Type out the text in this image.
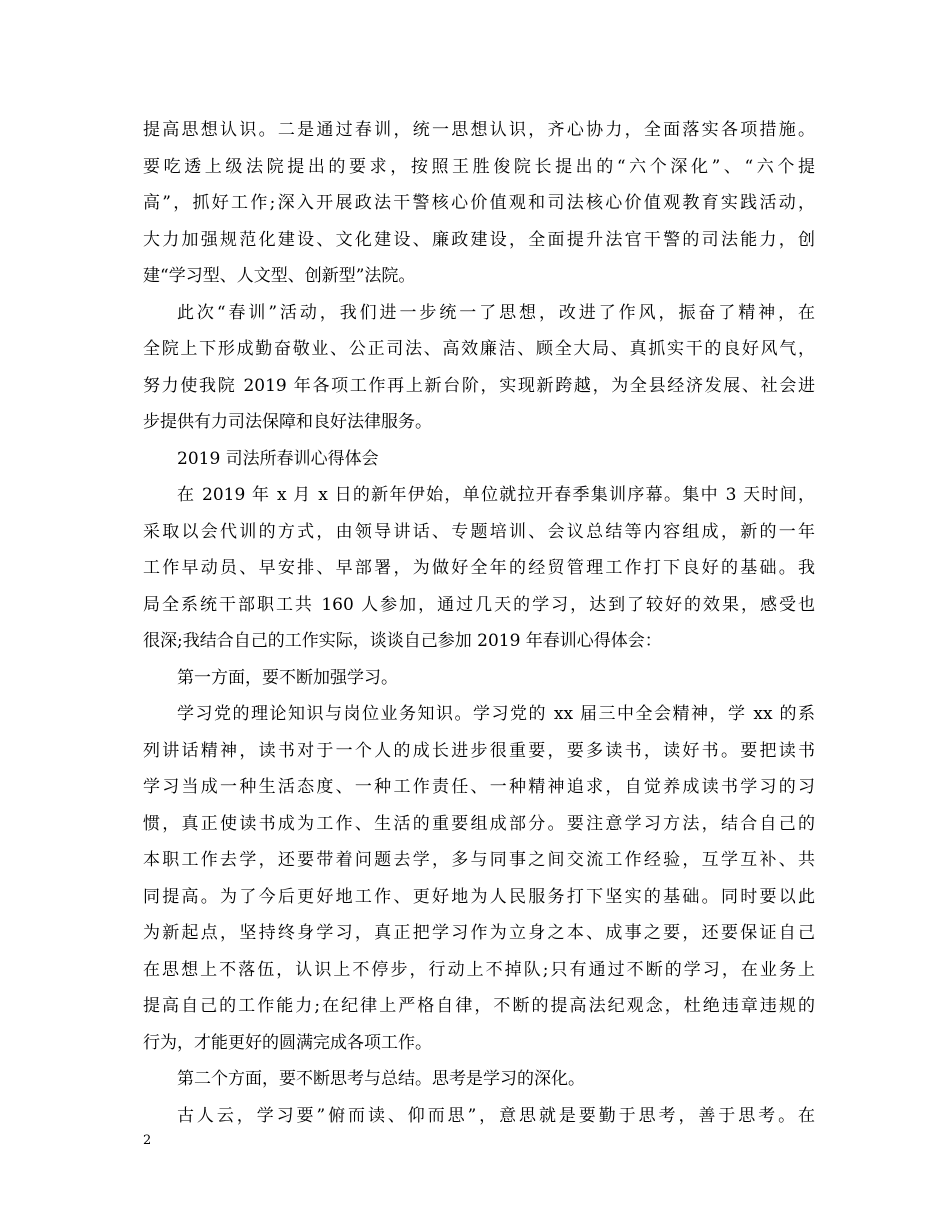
提高思想认识。二是通过春训，统一思想认识，齐心协力，全面落实各项措施。
要吃透上级法院提出的要求，按照王胜俊院长提出的“六个深化”、“六个提
高”，抓好工作;深入开展政法干警核心价值观和司法核心价值观教育实践活动，
大力加强规范化建设、文化建设、廉政建设，全面提升法官干警的司法能力，创
建“学习型、人文型、创新型”法院。
此次“春训”活动，我们进一步统一了思想，改进了作风，振奋了精神，在
全院上下形成勤奋敬业、公正司法、高效廉洁、顾全大局、真抓实干的良好风气，
努力使我院 2019 年各项工作再上新台阶，实现新跨越，为全县经济发展、社会进
步提供有力司法保障和良好法律服务。
2019 司法所春训心得体会
在 2019 年 x 月 x 日的新年伊始，单位就拉开春季集训序幕。集中 3 天时间，
采取以会代训的方式，由领导讲话、专题培训、会议总结等内容组成，新的一年
工作早动员、早安排、早部署，为做好全年的经贸管理工作打下良好的基础。我
局全系统干部职工共 160 人参加，通过几天的学习，达到了较好的效果，感受也
很深;我结合自己的工作实际，谈谈自己参加 2019 年春训心得体会：
第一方面，要不断加强学习。
学习党的理论知识与岗位业务知识。学习党的 xx 届三中全会精神，学 xx 的系
列讲话精神，读书对于一个人的成长进步很重要，要多读书，读好书。要把读书
学习当成一种生活态度、一种工作责任、一种精神追求，自觉养成读书学习的习
惯，真正使读书成为工作、生活的重要组成部分。要注意学习方法，结合自己的
本职工作去学，还要带着问题去学，多与同事之间交流工作经验，互学互补、共
同提高。为了今后更好地工作、更好地为人民服务打下坚实的基础。同时要以此
为新起点，坚持终身学习，真正把学习作为立身之本、成事之要，还要保证自己
在思想上不落伍，认识上不停步，行动上不掉队;只有通过不断的学习，在业务上
提高自己的工作能力;在纪律上严格自律，不断的提高法纪观念，杜绝违章违规的
行为，才能更好的圆满完成各项工作。
第二个方面，要不断思考与总结。思考是学习的深化。
古人云，学习要”俯而读、仰而思”，意思就是要勤于思考，善于思考。在
2
